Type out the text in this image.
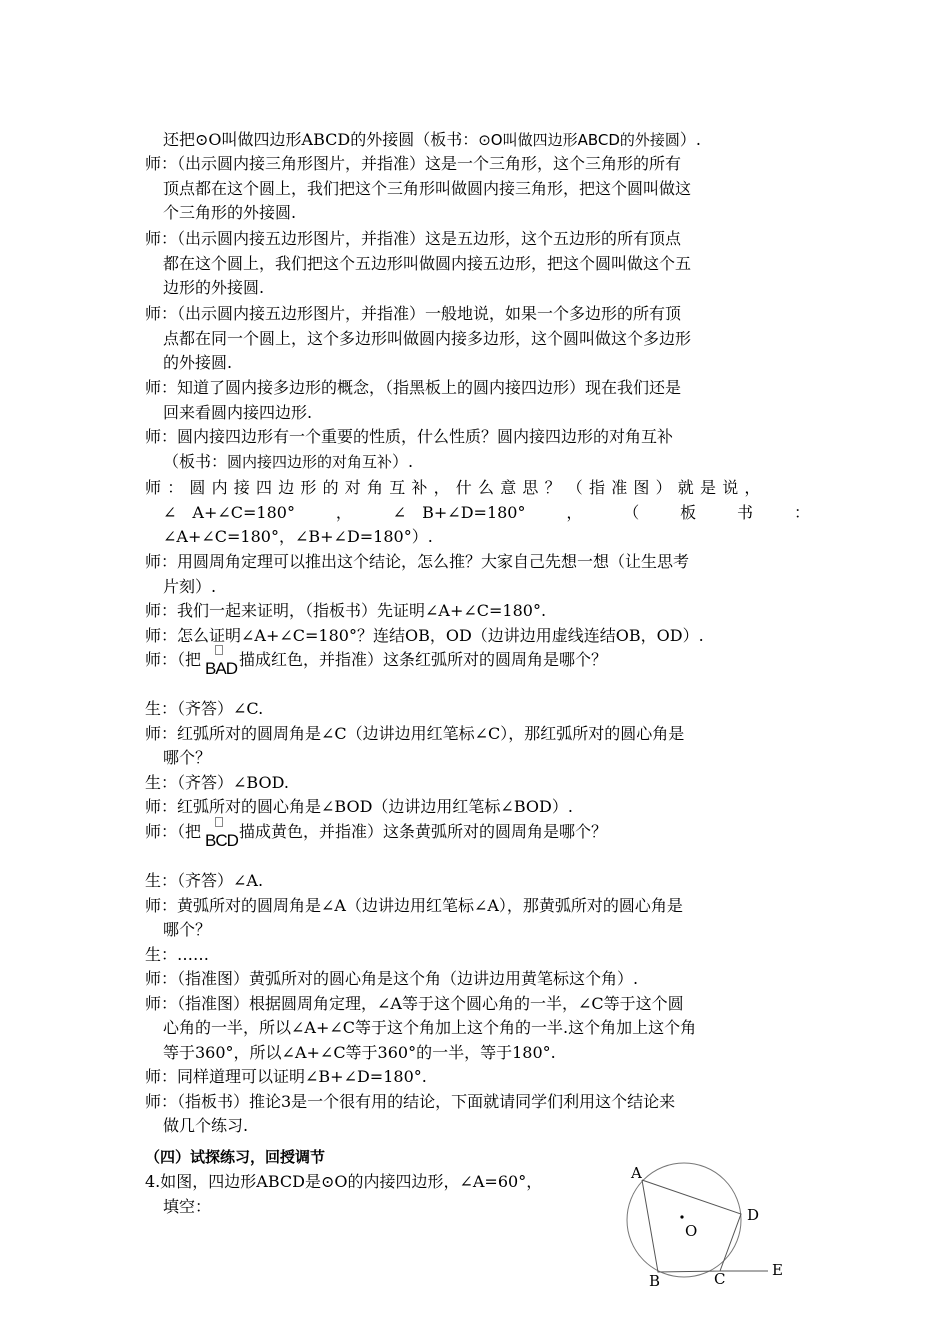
还把⊙O叫做四边形ABCD的外接圆（板书：⊙O叫做四边形ABCD的外接圆）.
师：（出示圆内接三角形图片，并指准）这是一个三角形，这个三角形的所有
顶点都在这个圆上，我们把这个三角形叫做圆内接三角形，把这个圆叫做这
个三角形的外接圆.
师：（出示圆内接五边形图片，并指准）这是五边形，这个五边形的所有顶点
都在这个圆上，我们把这个五边形叫做圆内接五边形，把这个圆叫做这个五
边形的外接圆.
师：（出示圆内接五边形图片，并指准）一般地说，如果一个多边形的所有顶
点都在同一个圆上，这个多边形叫做圆内接多边形，这个圆叫做这个多边形
的外接圆.
师：知道了圆内接多边形的概念，（指黑板上的圆内接四边形）现在我们还是
回来看圆内接四边形.
师：圆内接四边形有一个重要的性质，什么性质？圆内接四边形的对角互补
（板书：圆内接四边形的对角互补）.
师：圆内接四边形的对角互补，什么意思？（指准图）就是说，
∠　A+∠C=180°	，	∠　B+∠D=180°	，	（	板	书	：
∠A+∠C=180°，∠B+∠D=180°）.
师：用圆周角定理可以推出这个结论，怎么推？大家自己先想一想（让生思考
片刻）.
师：我们一起来证明，（指板书）先证明∠A+∠C=180°.
师：怎么证明∠A+∠C=180°？连结OB，OD（边讲边用虚线连结OB，OD）.
师：（把 BAD 描成红色，并指准）这条红弧所对的圆周角是哪个？
生：（齐答）∠C.
师：红弧所对的圆周角是∠C（边讲边用红笔标∠C），那红弧所对的圆心角是
哪个？
生：（齐答）∠BOD.
师：红弧所对的圆心角是∠BOD（边讲边用红笔标∠BOD）.
师：（把 BCD 描成黄色，并指准）这条黄弧所对的圆周角是哪个？
生：（齐答）∠A.
师：黄弧所对的圆周角是∠A（边讲边用红笔标∠A），那黄弧所对的圆心角是
哪个？
生：……
师：（指准图）黄弧所对的圆心角是这个角（边讲边用黄笔标这个角）.
师：（指准图）根据圆周角定理，∠A等于这个圆心角的一半，∠C等于这个圆
心角的一半，所以∠A+∠C等于这个角加上这个角的一半.这个角加上这个角
等于360°，所以∠A+∠C等于360°的一半，等于180°.
师：同样道理可以证明∠B+∠D=180°.
师：（指板书）推论3是一个很有用的结论，下面就请同学们利用这个结论来
做几个练习.
（四）试探练习，回授调节
4.如图，四边形ABCD是⊙O的内接四边形，∠A=60°，
填空：
A
B	C
D
E
O
